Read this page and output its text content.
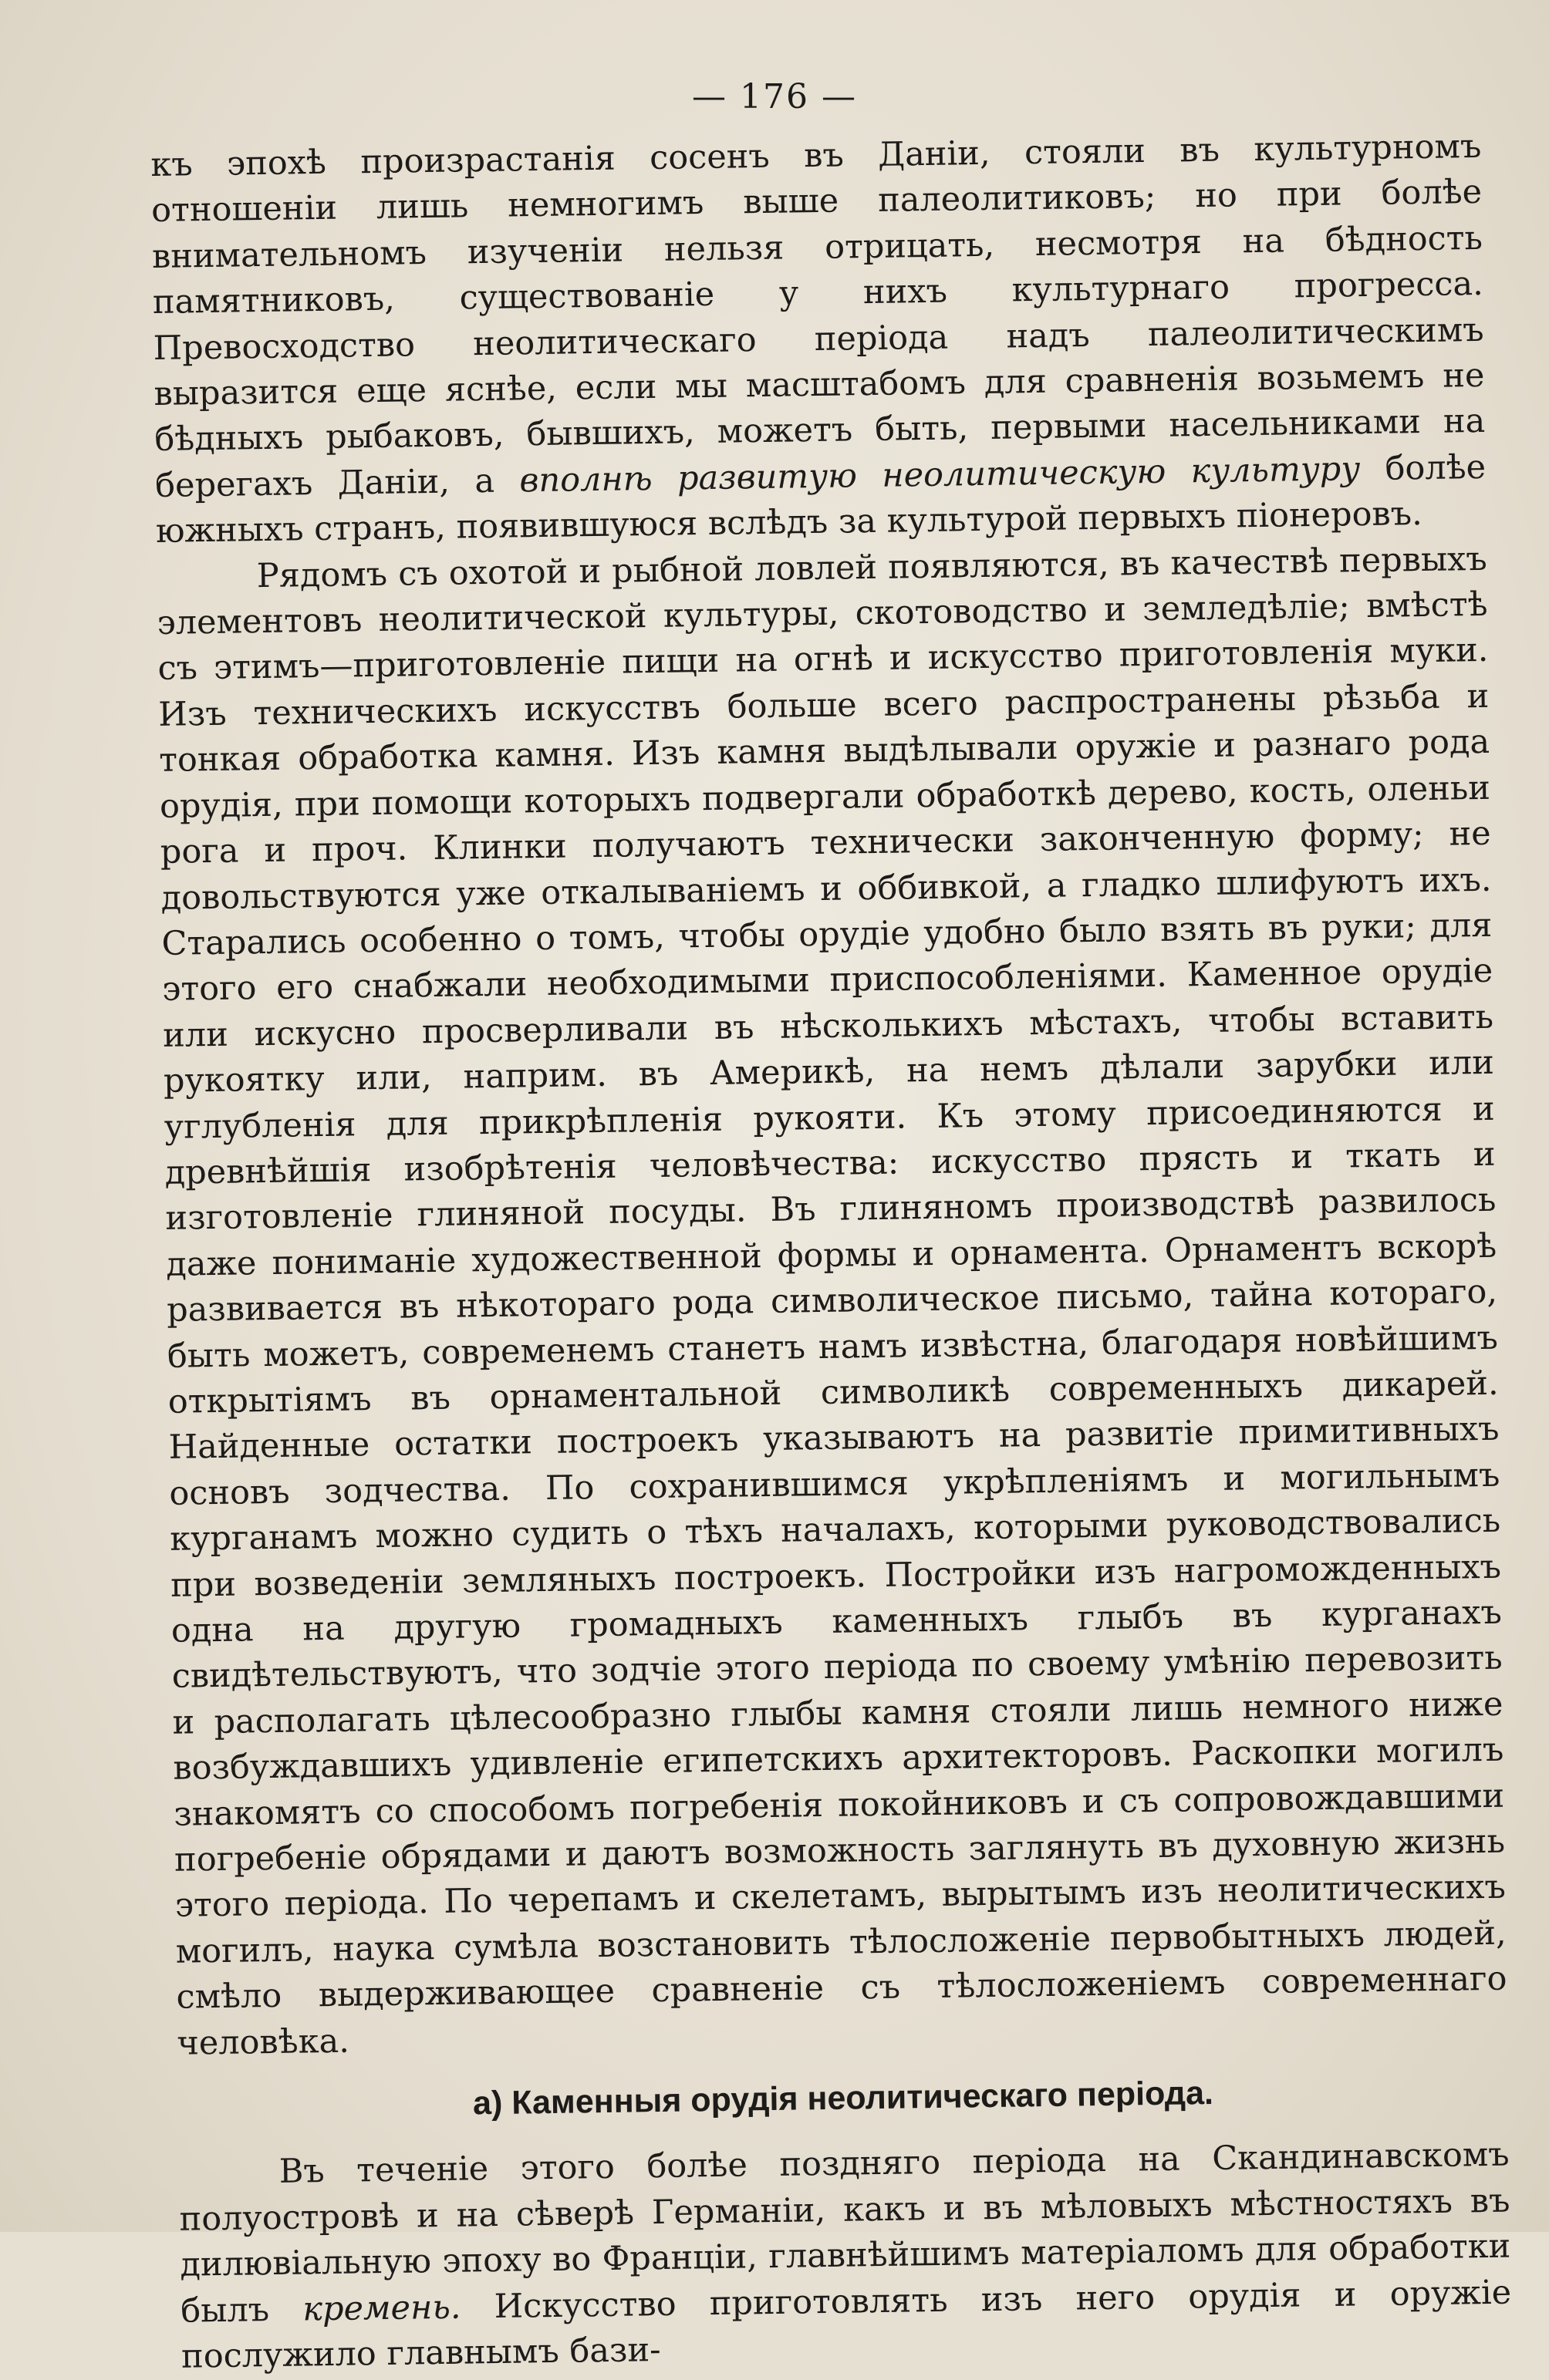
— 176 —

къ эпохѣ произрастанія сосенъ въ Даніи, стояли въ культурномъ отношеніи лишь немногимъ выше палеолитиковъ; но при болѣе внимательномъ изученіи нельзя отрицать, несмотря на бѣдность памятниковъ, существованіе у нихъ культурнаго прогресса. Превосходство неолитическаго періода надъ палеолитическимъ выразится еще яснѣе, если мы масштабомъ для сравненія возьмемъ не бѣдныхъ рыбаковъ, бывшихъ, можетъ быть, первыми насельниками на берегахъ Даніи, а вполнѣ развитую неолитическую культуру болѣе южныхъ странъ, появившуюся вслѣдъ за культурой первыхъ піонеровъ.

Рядомъ съ охотой и рыбной ловлей появляются, въ качествѣ первыхъ элементовъ неолитической культуры, скотоводство и земледѣліе; вмѣстѣ съ этимъ—приготовленіе пищи на огнѣ и искусство приготовленія муки. Изъ техническихъ искусствъ больше всего распространены рѣзьба и тонкая обработка камня. Изъ камня выдѣлывали оружіе и разнаго рода орудія, при помощи которыхъ подвергали обработкѣ дерево, кость, оленьи рога и проч. Клинки получаютъ технически законченную форму; не довольствуются уже откалываніемъ и оббивкой, а гладко шлифуютъ ихъ. Старались особенно о томъ, чтобы орудіе удобно было взять въ руки; для этого его снабжали необходимыми приспособленіями. Каменное орудіе или искусно просверливали въ нѣсколькихъ мѣстахъ, чтобы вставить рукоятку или, наприм. въ Америкѣ, на немъ дѣлали зарубки или углубленія для прикрѣпленія рукояти. Къ этому присоединяются и древнѣйшія изобрѣтенія человѣчества: искусство прясть и ткать и изготовленіе глиняной посуды. Въ глиняномъ производствѣ развилось даже пониманіе художественной формы и орнамента. Орнаментъ вскорѣ развивается въ нѣкотораго рода символическое письмо, тайна котораго, быть можетъ, современемъ станетъ намъ извѣстна, благодаря новѣйшимъ открытіямъ въ орнаментальной символикѣ современныхъ дикарей. Найденные остатки построекъ указываютъ на развитіе примитивныхъ основъ зодчества. По сохранившимся укрѣпленіямъ и могильнымъ курганамъ можно судить о тѣхъ началахъ, которыми руководствовались при возведеніи земляныхъ построекъ. Постройки изъ нагроможденныхъ одна на другую громадныхъ каменныхъ глыбъ въ курганахъ свидѣтельствуютъ, что зодчіе этого періода по своему умѣнію перевозить и располагать цѣлесообразно глыбы камня стояли лишь немного ниже возбуждавшихъ удивленіе египетскихъ архитекторовъ. Раскопки могилъ знакомятъ со способомъ погребенія покойниковъ и съ сопровождавшими погребеніе обрядами и даютъ возможность заглянуть въ духовную жизнь этого періода. По черепамъ и скелетамъ, вырытымъ изъ неолитическихъ могилъ, наука сумѣла возстановить тѣлосложеніе первобытныхъ людей, смѣло выдерживающее сравненіе съ тѣлосложеніемъ современнаго человѣка.

а) Каменныя орудія неолитическаго періода.

Въ теченіе этого болѣе поздняго періода на Скандинавскомъ полуостровѣ и на сѣверѣ Германіи, какъ и въ мѣловыхъ мѣстностяхъ въ дилювіальную эпоху во Франціи, главнѣйшимъ матеріаломъ для обработки былъ кремень. Искусство приготовлять изъ него орудія и оружіе послужило главнымъ бази-
